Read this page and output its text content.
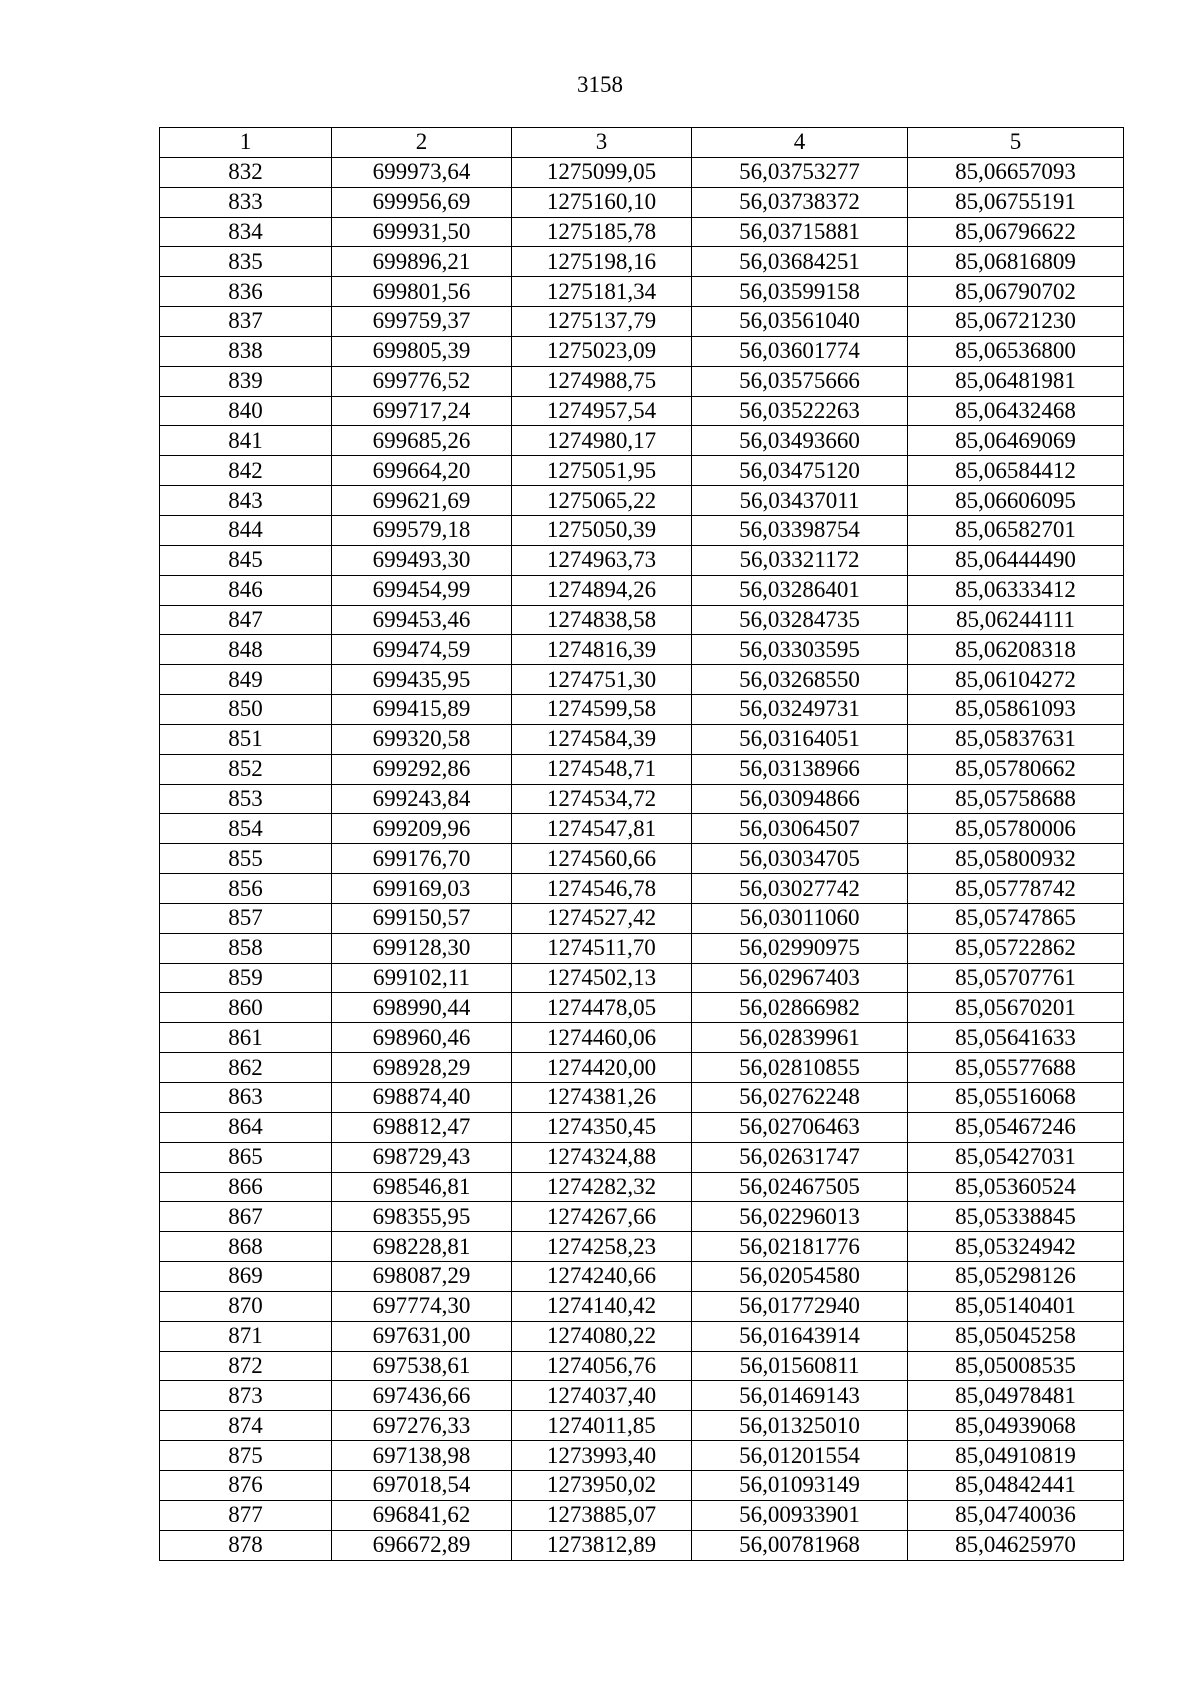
3158
1	2	3	4	5
832	699973,64	1275099,05	56,03753277	85,06657093
833	699956,69	1275160,10	56,03738372	85,06755191
834	699931,50	1275185,78	56,03715881	85,06796622
835	699896,21	1275198,16	56,03684251	85,06816809
836	699801,56	1275181,34	56,03599158	85,06790702
837	699759,37	1275137,79	56,03561040	85,06721230
838	699805,39	1275023,09	56,03601774	85,06536800
839	699776,52	1274988,75	56,03575666	85,06481981
840	699717,24	1274957,54	56,03522263	85,06432468
841	699685,26	1274980,17	56,03493660	85,06469069
842	699664,20	1275051,95	56,03475120	85,06584412
843	699621,69	1275065,22	56,03437011	85,06606095
844	699579,18	1275050,39	56,03398754	85,06582701
845	699493,30	1274963,73	56,03321172	85,06444490
846	699454,99	1274894,26	56,03286401	85,06333412
847	699453,46	1274838,58	56,03284735	85,06244111
848	699474,59	1274816,39	56,03303595	85,06208318
849	699435,95	1274751,30	56,03268550	85,06104272
850	699415,89	1274599,58	56,03249731	85,05861093
851	699320,58	1274584,39	56,03164051	85,05837631
852	699292,86	1274548,71	56,03138966	85,05780662
853	699243,84	1274534,72	56,03094866	85,05758688
854	699209,96	1274547,81	56,03064507	85,05780006
855	699176,70	1274560,66	56,03034705	85,05800932
856	699169,03	1274546,78	56,03027742	85,05778742
857	699150,57	1274527,42	56,03011060	85,05747865
858	699128,30	1274511,70	56,02990975	85,05722862
859	699102,11	1274502,13	56,02967403	85,05707761
860	698990,44	1274478,05	56,02866982	85,05670201
861	698960,46	1274460,06	56,02839961	85,05641633
862	698928,29	1274420,00	56,02810855	85,05577688
863	698874,40	1274381,26	56,02762248	85,05516068
864	698812,47	1274350,45	56,02706463	85,05467246
865	698729,43	1274324,88	56,02631747	85,05427031
866	698546,81	1274282,32	56,02467505	85,05360524
867	698355,95	1274267,66	56,02296013	85,05338845
868	698228,81	1274258,23	56,02181776	85,05324942
869	698087,29	1274240,66	56,02054580	85,05298126
870	697774,30	1274140,42	56,01772940	85,05140401
871	697631,00	1274080,22	56,01643914	85,05045258
872	697538,61	1274056,76	56,01560811	85,05008535
873	697436,66	1274037,40	56,01469143	85,04978481
874	697276,33	1274011,85	56,01325010	85,04939068
875	697138,98	1273993,40	56,01201554	85,04910819
876	697018,54	1273950,02	56,01093149	85,04842441
877	696841,62	1273885,07	56,00933901	85,04740036
878	696672,89	1273812,89	56,00781968	85,04625970
